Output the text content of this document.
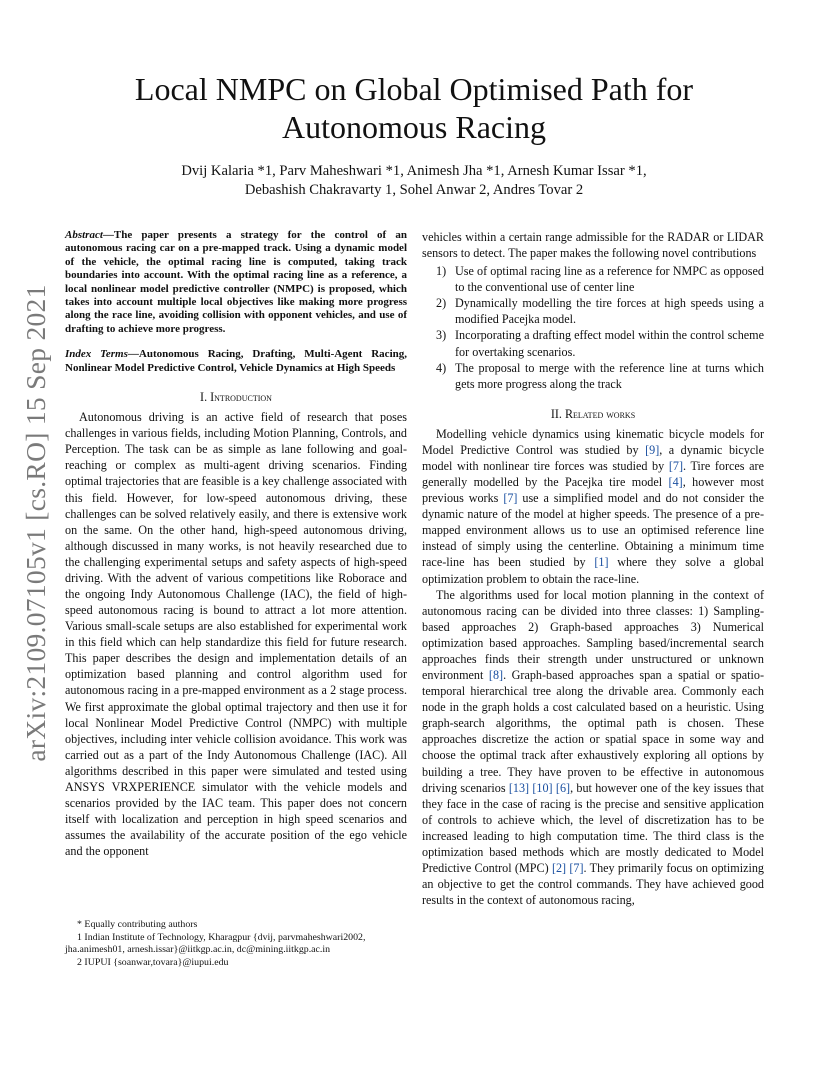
arXiv:2109.07105v1 [cs.RO] 15 Sep 2021
Local NMPC on Global Optimised Path for
Autonomous Racing
Dvij Kalaria *1, Parv Maheshwari *1, Animesh Jha *1, Arnesh Kumar Issar *1,
Debashish Chakravarty 1, Sohel Anwar 2, Andres Tovar 2

Abstract—The paper presents a strategy for the control of an autonomous racing car on a pre-mapped track. Using a dynamic model of the vehicle, the optimal racing line is computed, taking track boundaries into account. With the optimal racing line as a reference, a local nonlinear model predictive controller (NMPC) is proposed, which takes into account multiple local objectives like making more progress along the race line, avoiding collision with opponent vehicles, and use of drafting to achieve more progress.

Index Terms—Autonomous Racing, Drafting, Multi-Agent Racing, Nonlinear Model Predictive Control, Vehicle Dynamics at High Speeds

I. Introduction

Autonomous driving is an active field of research that poses challenges in various fields, including Motion Planning, Controls, and Perception. The task can be as simple as lane following and goal-reaching or complex as multi-agent driving scenarios. Finding optimal trajectories that are feasible is a key challenge associated with this field. However, for low-speed autonomous driving, these challenges can be solved relatively easily, and there is extensive work on the same. On the other hand, high-speed autonomous driving, although discussed in many works, is not heavily researched due to the challenging experimental setups and safety aspects of high-speed driving. With the advent of various competitions like Roborace and the ongoing Indy Autonomous Challenge (IAC), the field of high-speed autonomous racing is bound to attract a lot more attention. Various small-scale setups are also established for experimental work in this field which can help standardize this field for future research. This paper describes the design and implementation details of an optimization based planning and control algorithm used for autonomous racing in a pre-mapped environment as a 2 stage process. We first approximate the global optimal trajectory and then use it for local Nonlinear Model Predictive Control (NMPC) with multiple objectives, including inter vehicle collision avoidance. This work was carried out as a part of the Indy Autonomous Challenge (IAC). All algorithms described in this paper were simulated and tested using ANSYS VRXPERIENCE simulator with the vehicle models and scenarios provided by the IAC team. This paper does not concern itself with localization and perception in high speed scenarios and assumes the availability of the accurate position of the ego vehicle and the opponent

vehicles within a certain range admissible for the RADAR or LIDAR sensors to detect. The paper makes the following novel contributions

1) Use of optimal racing line as a reference for NMPC as opposed to the conventional use of center line
2) Dynamically modelling the tire forces at high speeds using a modified Pacejka model.
3) Incorporating a drafting effect model within the control scheme for overtaking scenarios.
4) The proposal to merge with the reference line at turns which gets more progress along the track
II. Related works

Modelling vehicle dynamics using kinematic bicycle models for Model Predictive Control was studied by [9], a dynamic bicycle model with nonlinear tire forces was studied by [7]. Tire forces are generally modelled by the Pacejka tire model [4], however most previous works [7] use a simplified model and do not consider the dynamic nature of the model at higher speeds. The presence of a pre-mapped environment allows us to use an optimised reference line instead of simply using the centerline. Obtaining a minimum time race-line has been studied by [1] where they solve a global optimization problem to obtain the race-line.

The algorithms used for local motion planning in the context of autonomous racing can be divided into three classes: 1) Sampling-based approaches 2) Graph-based approaches 3) Numerical optimization based approaches. Sampling based/incremental search approaches finds their strength under unstructured or unknown environment [8]. Graph-based approaches span a spatial or spatio-temporal hierarchical tree along the drivable area. Commonly each node in the graph holds a cost calculated based on a heuristic. Using graph-search algorithms, the optimal path is chosen. These approaches discretize the action or spatial space in some way and choose the optimal track after exhaustively exploring all options by building a tree. They have proven to be effective in autonomous driving scenarios [13] [10] [6], but however one of the key issues that they face in the case of racing is the precise and sensitive application of controls to achieve which, the level of discretization has to be increased leading to high computation time. The third class is the optimization based methods which are mostly dedicated to Model Predictive Control (MPC) [2] [7]. They primarily focus on optimizing an objective to get the control commands. They have achieved good results in the context of autonomous racing,

* Equally contributing authors
1 Indian Institute of Technology, Kharagpur {dvij, parvmaheshwari2002,
jha.animesh01, arnesh.issar}@iitkgp.ac.in, dc@mining.iitkgp.ac.in
2 IUPUI {soanwar,tovara}@iupui.edu
